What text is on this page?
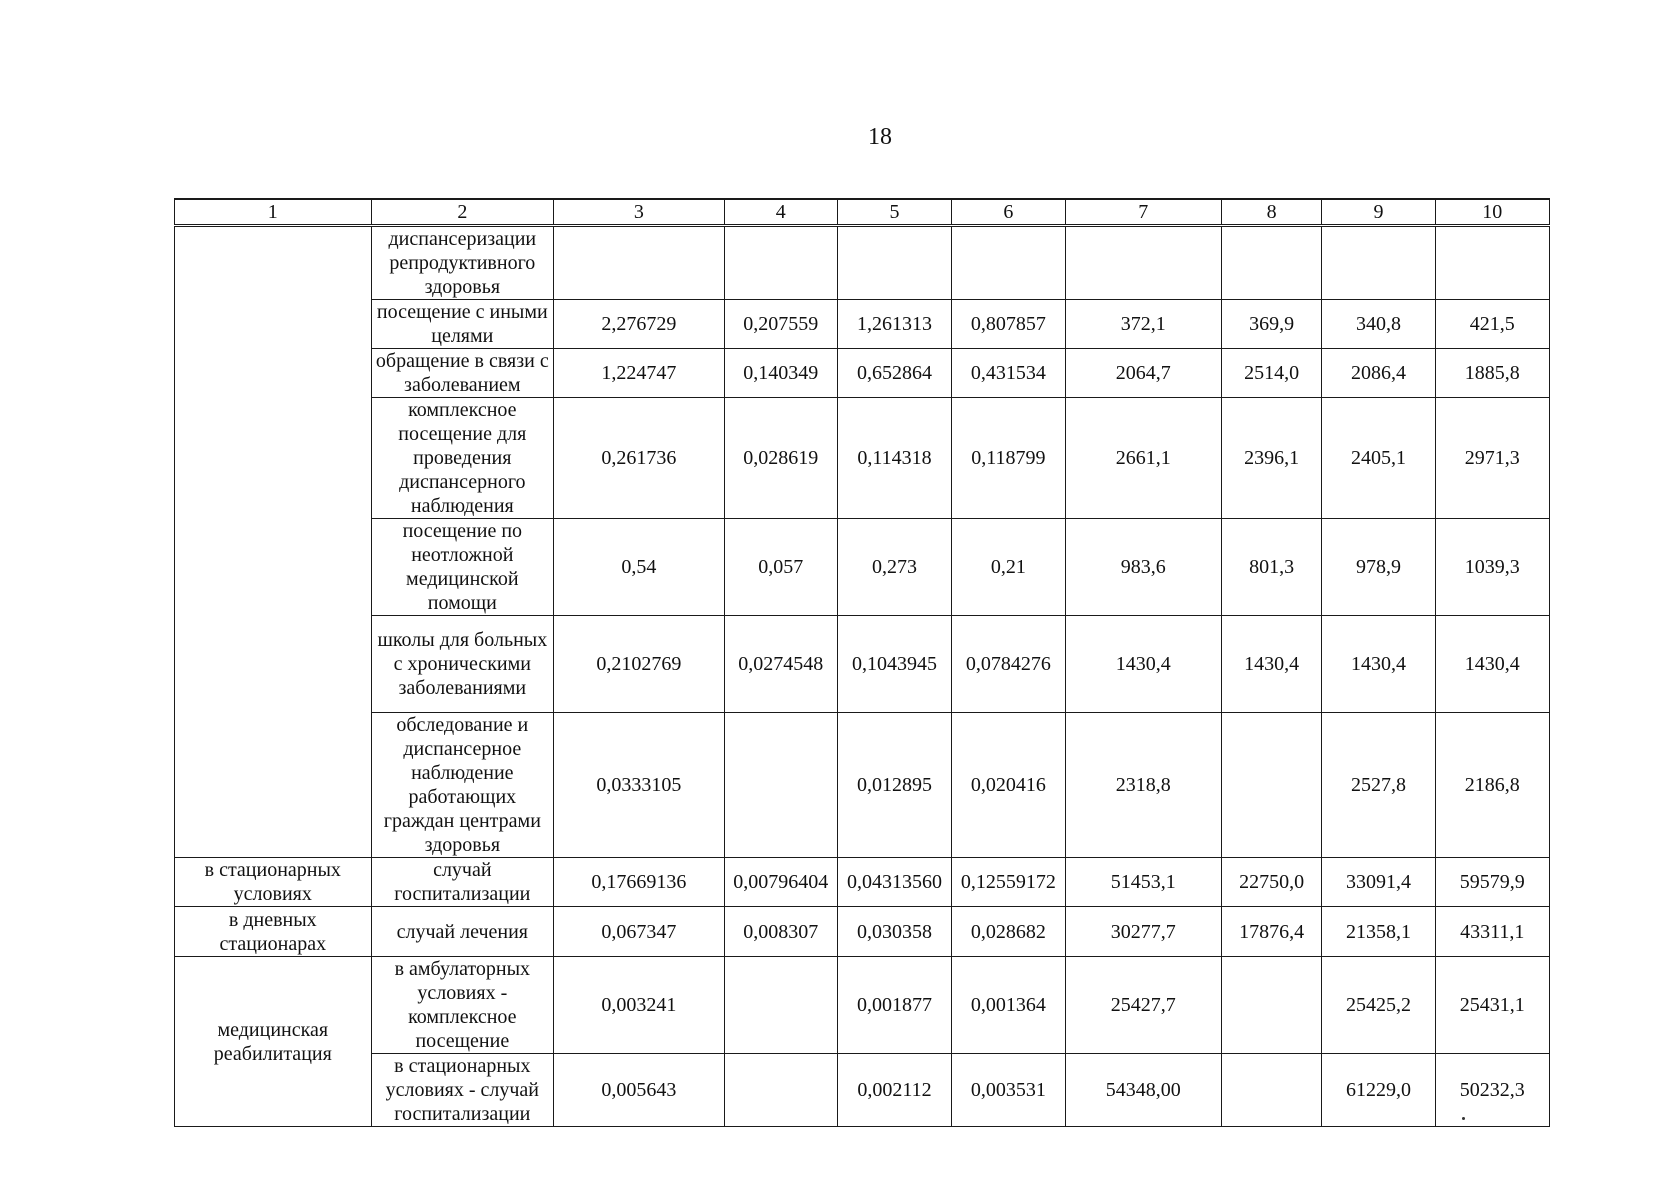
18
1	2	3	4	5	6	7	8	9	10
	диспансеризации репродуктивного здоровья								
	посещение с иными целями	2,276729	0,207559	1,261313	0,807857	372,1	369,9	340,8	421,5
	обращение в связи с заболеванием	1,224747	0,140349	0,652864	0,431534	2064,7	2514,0	2086,4	1885,8
	комплексное посещение для проведения диспансерного наблюдения	0,261736	0,028619	0,114318	0,118799	2661,1	2396,1	2405,1	2971,3
	посещение по неотложной медицинской помощи	0,54	0,057	0,273	0,21	983,6	801,3	978,9	1039,3
	школы для больных с хроническими заболеваниями	0,2102769	0,0274548	0,1043945	0,0784276	1430,4	1430,4	1430,4	1430,4
	обследование и диспансерное наблюдение работающих граждан центрами здоровья	0,0333105		0,012895	0,020416	2318,8		2527,8	2186,8
в стационарных условиях	случай госпитализации	0,17669136	0,00796404	0,04313560	0,12559172	51453,1	22750,0	33091,4	59579,9
в дневных стационарах	случай лечения	0,067347	0,008307	0,030358	0,028682	30277,7	17876,4	21358,1	43311,1
медицинская реабилитация	в амбулаторных условиях - комплексное посещение	0,003241		0,001877	0,001364	25427,7		25425,2	25431,1
	в стационарных условиях - случай госпитализации	0,005643		0,002112	0,003531	54348,00		61229,0	50232,3
